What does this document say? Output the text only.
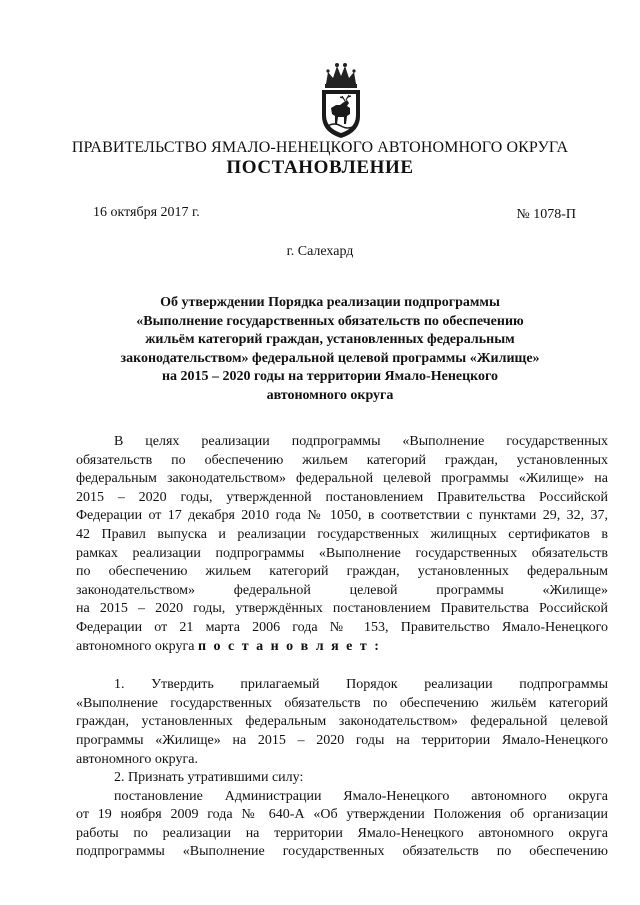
ПРАВИТЕЛЬСТВО ЯМАЛО-НЕНЕЦКОГО АВТОНОМНОГО ОКРУГА
ПОСТАНОВЛЕНИЕ
16 октября 2017 г.	№ 1078-П
г. Салехард
Об утверждении Порядка реализации подпрограммы
«Выполнение государственных обязательств по обеспечению
жильём категорий граждан, установленных федеральным
законодательством» федеральной целевой программы «Жилище»
на 2015 – 2020 годы на территории Ямало-Ненецкого
автономного округа
В целях реализации подпрограммы «Выполнение государственных
обязательств по обеспечению жильем категорий граждан, установленных
федеральным законодательством» федеральной целевой программы «Жилище» на
2015 – 2020 годы, утвержденной постановлением Правительства Российской
Федерации от 17 декабря 2010 года № 1050, в соответствии с пунктами 29, 32, 37,
42 Правил выпуска и реализации государственных жилищных сертификатов в
рамках реализации подпрограммы «Выполнение государственных обязательств
по обеспечению жильем категорий граждан, установленных федеральным
законодательством» федеральной целевой программы «Жилище»
на 2015 – 2020 годы, утверждённых постановлением Правительства Российской
Федерации от 21 марта 2006 года № 153, Правительство Ямало-Ненецкого
автономного округа п о с т а н о в л я е т :
1. Утвердить прилагаемый Порядок реализации подпрограммы
«Выполнение государственных обязательств по обеспечению жильём категорий
граждан, установленных федеральным законодательством» федеральной целевой
программы «Жилище» на 2015 – 2020 годы на территории Ямало-Ненецкого
автономного округа.
2. Признать утратившими силу:
постановление Администрации Ямало-Ненецкого автономного округа
от 19 ноября 2009 года № 640-А «Об утверждении Положения об организации
работы по реализации на территории Ямало-Ненецкого автономного округа
подпрограммы «Выполнение государственных обязательств по обеспечению
